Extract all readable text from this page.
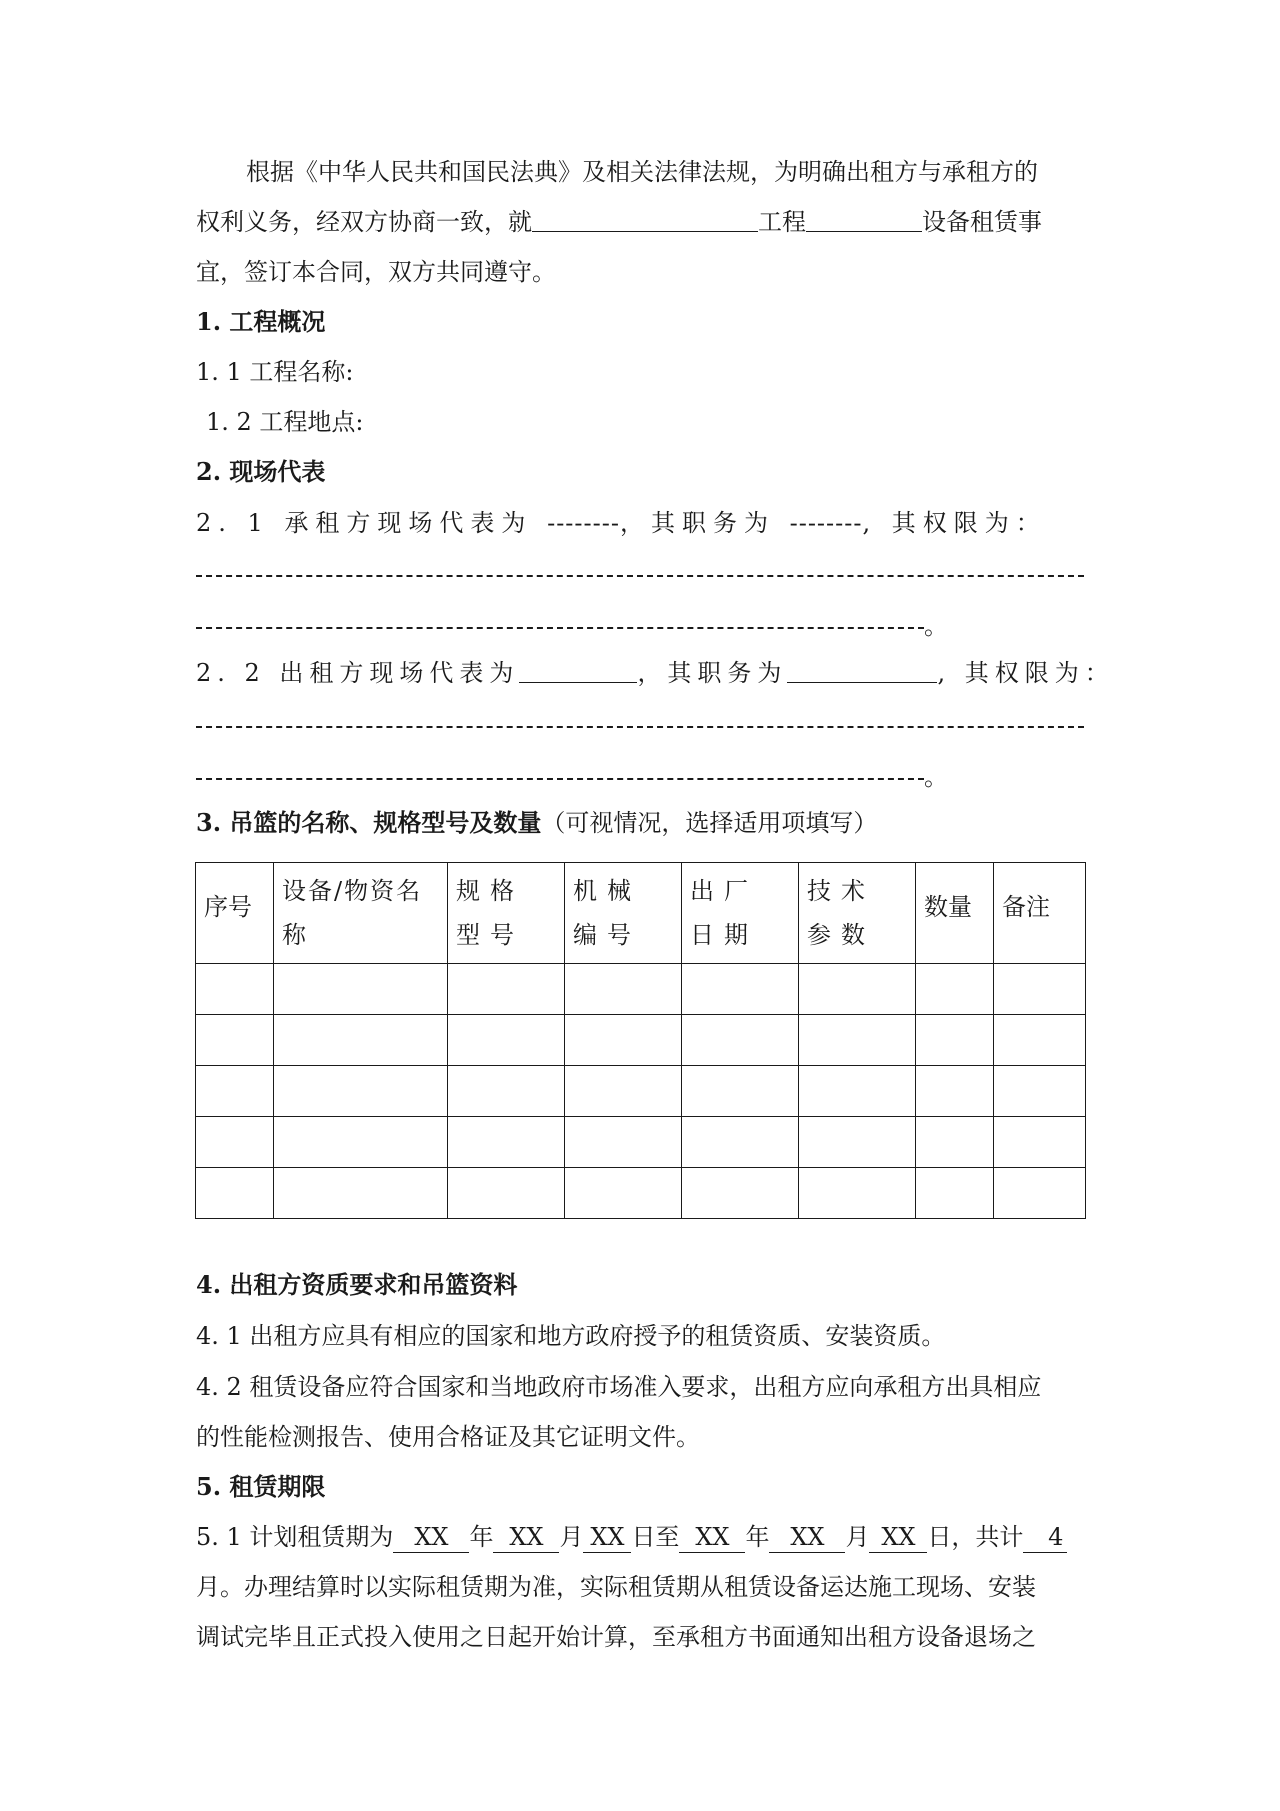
根据《中华人民共和国民法典》及相关法律法规，为明确出租方与承租方的
权利义务，经双方协商一致，就	工程	设备租赁事
宜，签订本合同，双方共同遵守。
1. 工程概况
1. 1 工程名称:
1. 2 工程地点:
2. 现场代表
2. 1 承租方现场代表为 --------，其职务为 --------, 其权限为：
。
2. 2 出租方现场代表为	，其职务为	, 其权限为：
。
3. 吊篮的名称、规格型号及数量（可视情况，选择适用项填写）
序号	设备/物资名称	规格型号	机械编号	出厂日期	技术参数	数量	备注

4. 出租方资质要求和吊篮资料
4. 1 出租方应具有相应的国家和地方政府授予的租赁资质、安装资质。
4. 2 租赁设备应符合国家和当地政府市场准入要求，出租方应向承租方出具相应
的性能检测报告、使用合格证及其它证明文件。
5. 租赁期限
5. 1 计划租赁期为 XX 年 XX 月 XX 日至 XX 年 XX 月 XX 日，共计 4
月。办理结算时以实际租赁期为准，实际租赁期从租赁设备运达施工现场、安装
调试完毕且正式投入使用之日起开始计算，至承租方书面通知出租方设备退场之
